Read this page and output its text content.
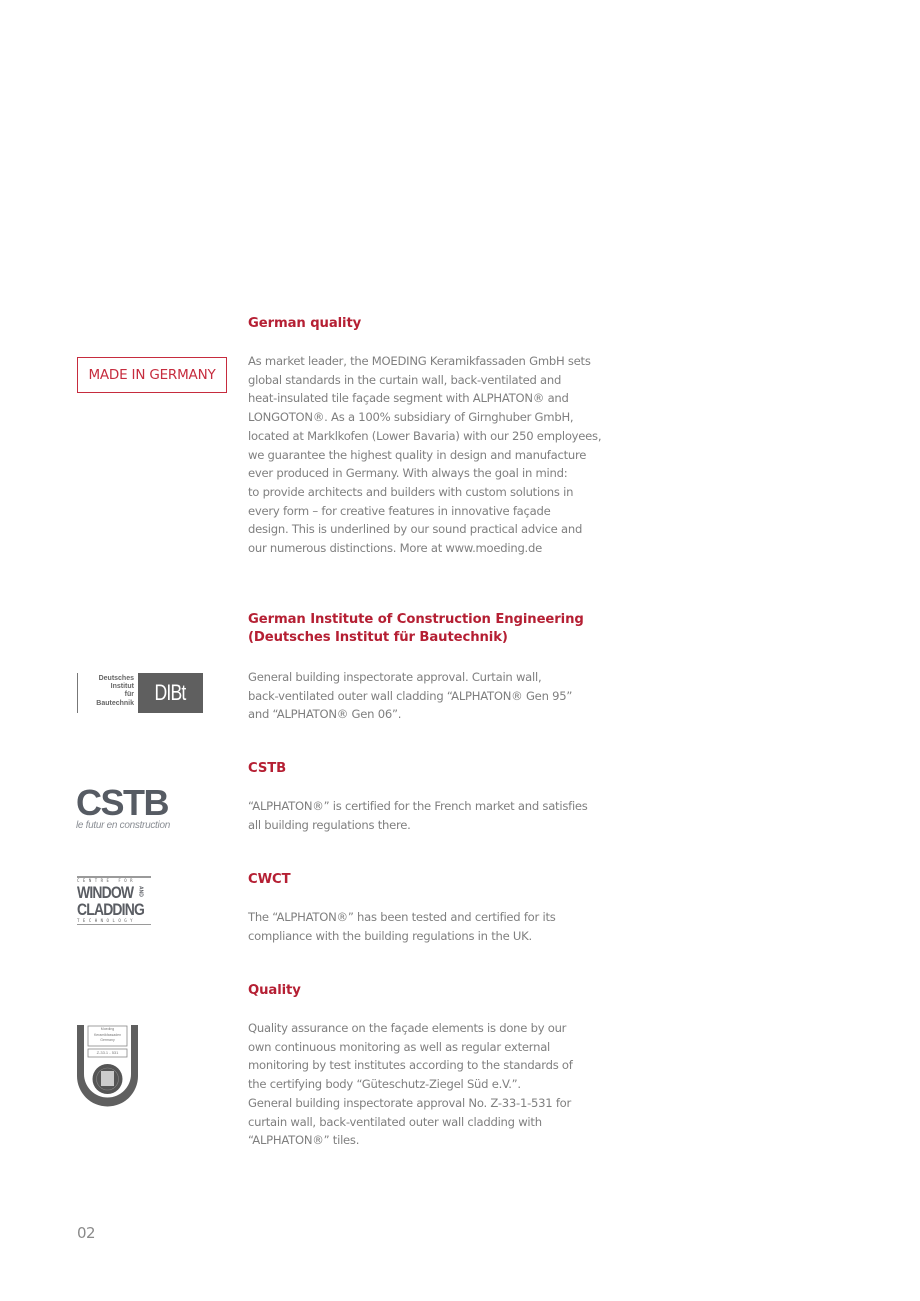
German quality
MADE IN GERMANY

As market leader, the MOEDING Keramikfassaden GmbH sets
global standards in the curtain wall, back-ventilated and
heat-insulated tile façade segment with ALPHATON® and
LONGOTON®. As a 100% subsidiary of Girnghuber GmbH,
located at Marklkofen (Lower Bavaria) with our 250 employees,
we guarantee the highest quality in design and manufacture
ever produced in Germany. With always the goal in mind:
to provide architects and builders with custom solutions in
every form – for creative features in innovative façade
design. This is underlined by our sound practical advice and
our numerous distinctions. More at www.moeding.de

German Institute of Construction Engineering
(Deutsches Institut für Bautechnik)
Deutsches
Institut
für
Bautechnik DIBt

General building inspectorate approval. Curtain wall,
back-ventilated outer wall cladding “ALPHATON® Gen 95”
and “ALPHATON® Gen 06”.

CSTB
CSTB
le futur en construction

“ALPHATON®” is certified for the French market and satisfies
all building regulations there.

CWCT
CENTRE FOR
WINDOW AND
CLADDING
TECHNOLOGY	The “ALPHATON®” has been tested and certified for its
compliance with the building regulations in the UK.

Quality
Moeding
Keramikfassaden
Germany
Z-33.1 - 531

Quality assurance on the façade elements is done by our
own continuous monitoring as well as regular external
monitoring by test institutes according to the standards of
the certifying body “Güteschutz-Ziegel Süd e.V.”.
General building inspectorate approval No. Z-33-1-531 for
curtain wall, back-ventilated outer wall cladding with
“ALPHATON®” tiles.

02
